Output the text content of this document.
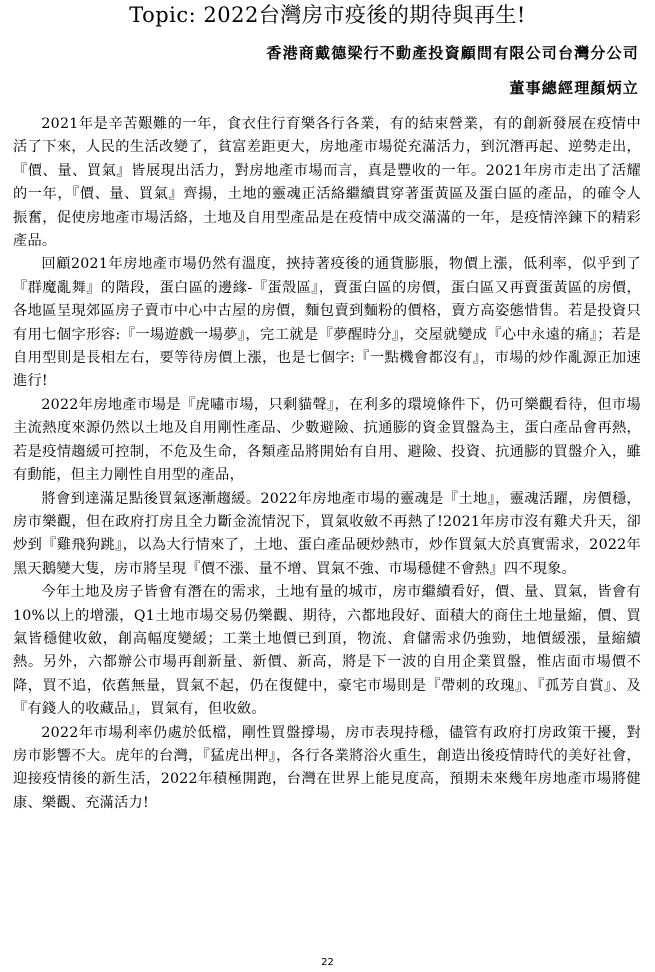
Topic: 2022台灣房市疫後的期待與再生!
香港商戴德梁行不動產投資顧問有限公司台灣分公司
董事總經理顏炳立

2021年是辛苦艱難的一年，食衣住行育樂各行各業，有的結束營業，有的創新發展在疫情中活了下來，人民的生活改變了，貧富差距更大，房地產市場從充滿活力，到沉潛再起、逆勢走出，『價、量、買氣』皆展現出活力，對房地產市場而言，真是豐收的一年。2021年房市走出了活耀的一年，『價、量、買氣』齊揚，土地的靈魂正活絡繼續貫穿著蛋黃區及蛋白區的產品，的確令人振奮，促使房地產市場活絡，土地及自用型產品是在疫情中成交滿滿的一年，是疫情淬鍊下的精彩產品。

回顧2021年房地產市場仍然有溫度，挾持著疫後的通貨膨脹，物價上漲，低利率，似乎到了『群魔亂舞』的階段，蛋白區的邊緣-『蛋殼區』，賣蛋白區的房價，蛋白區又再賣蛋黃區的房價，各地區呈現郊區房子賣市中心中古屋的房價，麵包賣到麵粉的價格，賣方高姿態惜售。若是投資只有用七個字形容:『一場遊戲一場夢』，完工就是『夢醒時分』，交屋就變成『心中永遠的痛』；若是自用型則是長相左右，要等待房價上漲，也是七個字:『一點機會都沒有』，市場的炒作亂源正加速進行!

2022年房地產市場是『虎嘯市場，只剩貓聲』，在利多的環境條件下，仍可樂觀看待，但市場主流熱度來源仍然以土地及自用剛性產品、少數避險、抗通膨的資金買盤為主，蛋白產品會再熱，若是疫情趨緩可控制，不危及生命，各類產品將開始有自用、避險、投資、抗通膨的買盤介入，雖有動能，但主力剛性自用型的產品，

將會到達滿足點後買氣逐漸趨緩。2022年房地產市場的靈魂是『土地』，靈魂活躍，房價穩，房市樂觀，但在政府打房且全力斷金流情況下，買氣收斂不再熱了!2021年房市沒有雞犬升天，卻炒到『雞飛狗跳』，以為大行情來了，土地、蛋白產品硬炒熱市，炒作買氣大於真實需求，2022年黑天鵝變大隻，房市將呈現『價不漲、量不增、買氣不強、市場穩健不會熱』四不現象。

今年土地及房子皆會有潛在的需求，土地有量的城市，房市繼續看好，價、量、買氣，皆會有10%以上的增漲，Q1土地市場交易仍樂觀、期待，六都地段好、面積大的商住土地量縮，價、買氣皆穩健收斂，創高幅度變緩；工業土地價已到頂，物流、倉儲需求仍強勁，地價緩漲，量縮續熱。另外，六都辦公市場再創新量、新價、新高，將是下一波的自用企業買盤，惟店面市場價不降，買不追，依舊無量，買氣不起，仍在復健中，豪宅市場則是『帶刺的玫瑰』、『孤芳自賞』、及『有錢人的收藏品』，買氣有，但收斂。

2022年市場利率仍處於低檔，剛性買盤撐場，房市表現持穩，儘管有政府打房政策干擾，對房市影響不大。虎年的台灣，『猛虎出柙』，各行各業將浴火重生，創造出後疫情時代的美好社會，迎接疫情後的新生活，2022年積極開跑，台灣在世界上能見度高，預期未來幾年房地產市場將健康、樂觀、充滿活力!

22
